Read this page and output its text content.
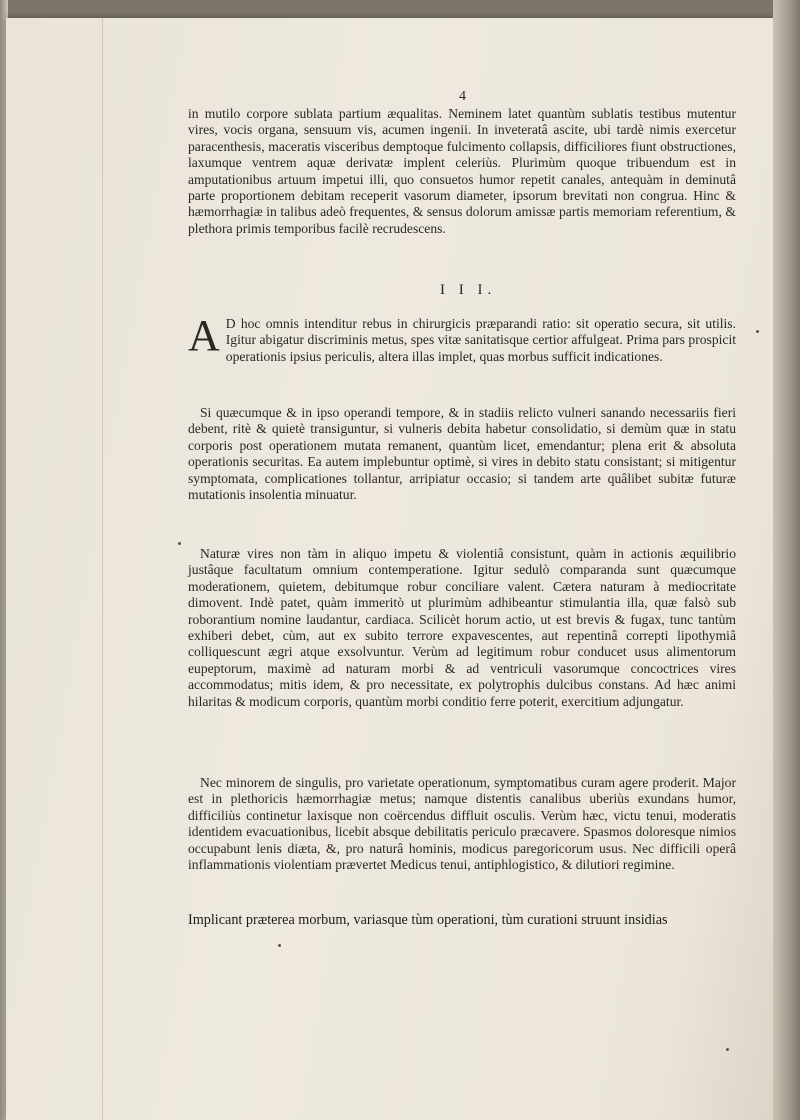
4
in mutilo corpore sublata partium æqualitas. Neminem latet quantùm sublatis testibus mutentur vires, vocis organa, sensuum vis, acumen ingenii. In inveteratâ ascite, ubi tardè nimis exercetur paracenthesis, maceratis visceribus demptoque fulcimento collapsis, difficiliores fiunt obstructiones, laxumque ventrem aquæ derivatæ implent celeriùs. Plurimùm quoque tribuendum est in amputationibus artuum impetui illi, quo consuetos humor repetit canales, antequàm in deminutâ parte proportionem debitam receperit vasorum diameter, ipsorum brevitati non congrua. Hinc & hæmorrhagiæ in talibus adeò frequentes, & sensus dolorum amissæ partis memoriam referentium, & plethora primis temporibus facilè recrudescens.
I I I.
A D hoc omnis intenditur rebus in chirurgicis præparandi ratio: sit operatio secura, sit utilis. Igitur abigatur discriminis metus, spes vitæ sanitatisque certior affulgeat. Prima pars prospicit operationis ipsius periculis, altera illas implet, quas morbus sufficit indicationes.
Si quæcumque & in ipso operandi tempore, & in stadiis relicto vulneri sanando necessariis fieri debent, ritè & quietè transiguntur, si vulneris debita habetur consolidatio, si demùm quæ in statu corporis post operationem mutata remanent, quantùm licet, emendantur; plena erit & absoluta operationis securitas. Ea autem implebuntur optimè, si vires in debito statu consistant; si mitigentur symptomata, complicationes tollantur, arripiatur occasio; si tandem arte quâlibet subitæ futuræ mutationis insolentia minuatur.
Naturæ vires non tàm in aliquo impetu & violentiâ consistunt, quàm in actionis æquilibrio justâque facultatum omnium contemperatione. Igitur sedulò comparanda sunt quæcumque moderationem, quietem, debitumque robur conciliare valent. Cætera naturam à mediocritate dimovent. Indè patet, quàm immeritò ut plurimùm adhibeantur stimulantia illa, quæ falsò sub roborantium nomine laudantur, cardiaca. Scilicèt horum actio, ut est brevis & fugax, tunc tantùm exhiberi debet, cùm, aut ex subito terrore expavescentes, aut repentinâ correpti lipothymiâ colliquescunt ægri atque exsolvuntur. Verùm ad legitimum robur conducet usus alimentorum eupeptorum, maximè ad naturam morbi & ad ventriculi vasorumque concoctrices vires accommodatus; mitis idem, & pro necessitate, ex polytrophis dulcibus constans. Ad hæc animi hilaritas & modicum corporis, quantùm morbi conditio ferre poterit, exercitium adjungatur.
Nec minorem de singulis, pro varietate operationum, symptomatibus curam agere proderit. Major est in plethoricis hæmorrhagiæ metus; namque distentis canalibus uberiùs exundans humor, difficiliùs continetur laxisque non coërcendus diffluit osculis. Verùm hæc, victu tenui, moderatis identidem evacuationibus, licebit absque debilitatis periculo præcavere. Spasmos doloresque nimios occupabunt lenis diæta, &, pro naturâ hominis, modicus paregoricorum usus. Nec difficili operâ inflammationis violentiam prævertet Medicus tenui, antiphlogistico, & dilutiori regimine.
Implicant præterea morbum, variasque tùm operationi, tùm curationi struunt insidias
